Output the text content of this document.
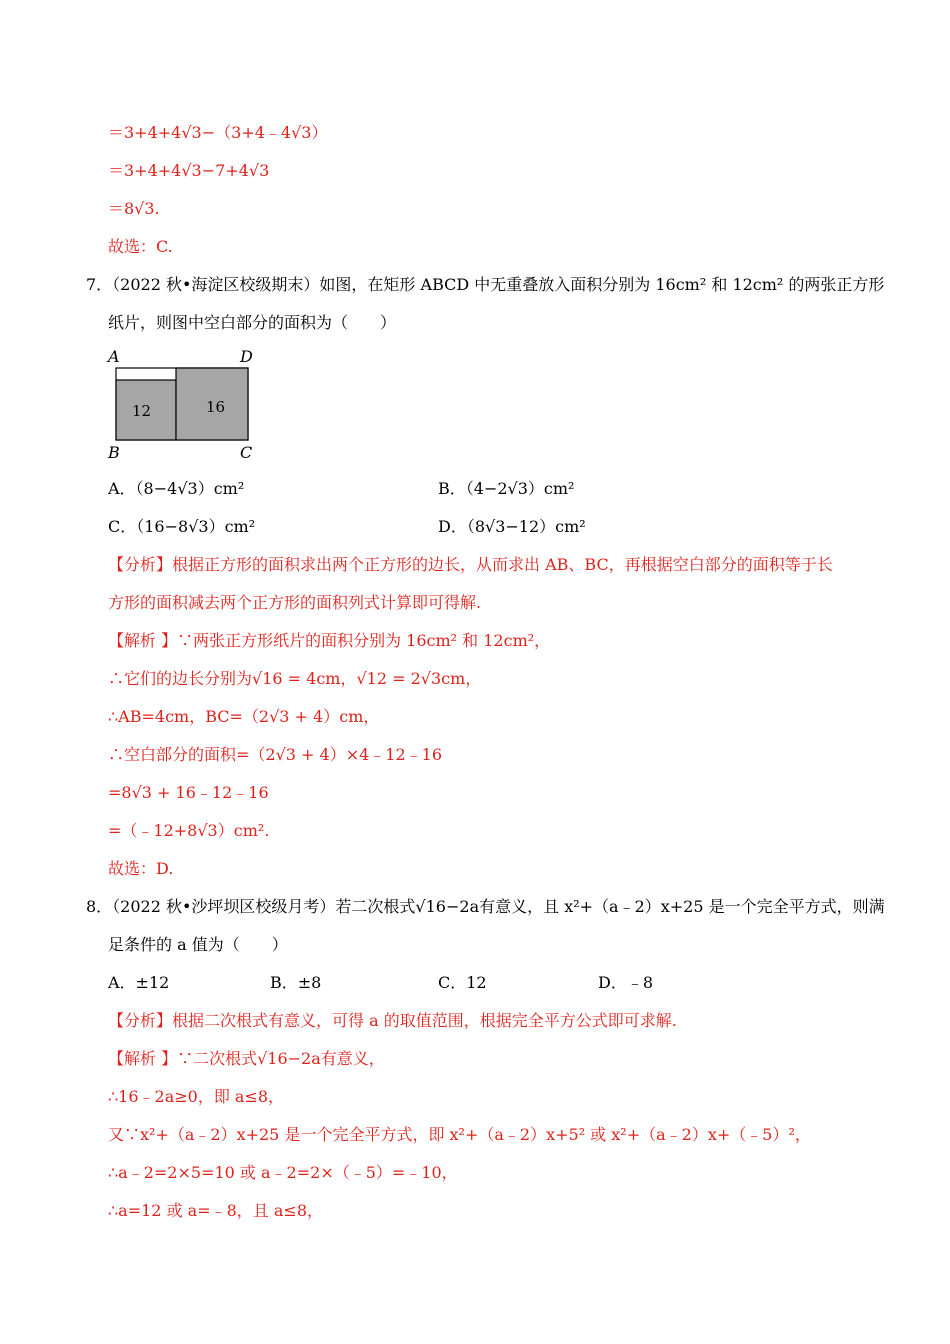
＝3+4+4√3−（3+4﹣4√3）
＝3+4+4√3−7+4√3
＝8√3.
故选：C.
7．（2022 秋•海淀区校级期末）如图，在矩形 ABCD 中无重叠放入面积分别为 16cm² 和 12cm² 的两张正方形
纸片，则图中空白部分的面积为（　　）
A	D
12	16
B	C
A．（8−4√3）cm²	B．（4−2√3）cm²
C．（16−8√3）cm²	D．（8√3−12）cm²
【分析】根据正方形的面积求出两个正方形的边长，从而求出 AB、BC，再根据空白部分的面积等于长
方形的面积减去两个正方形的面积列式计算即可得解.
【解析 】∵两张正方形纸片的面积分别为 16cm² 和 12cm²，
∴它们的边长分别为√16 = 4cm，√12 = 2√3cm，
∴AB=4cm，BC=（2√3 + 4）cm，
∴空白部分的面积=（2√3 + 4）×4﹣12﹣16
=8√3 + 16﹣12﹣16
=（﹣12+8√3）cm².
故选：D.
8．（2022 秋•沙坪坝区校级月考）若二次根式√16−2a有意义，且 x²+（a﹣2）x+25 是一个完全平方式，则满
足条件的 a 值为（　　）
A．±12	B．±8	C．12	D．﹣8
【分析】根据二次根式有意义，可得 a 的取值范围，根据完全平方公式即可求解.
【解析 】∵二次根式√16−2a有意义，
∴16﹣2a≥0，即 a≤8，
又∵x²+（a﹣2）x+25 是一个完全平方式，即 x²+（a﹣2）x+5² 或 x²+（a﹣2）x+（﹣5）²，
∴a﹣2=2×5=10 或 a﹣2=2×（﹣5）=﹣10，
∴a=12 或 a=﹣8，且 a≤8，
